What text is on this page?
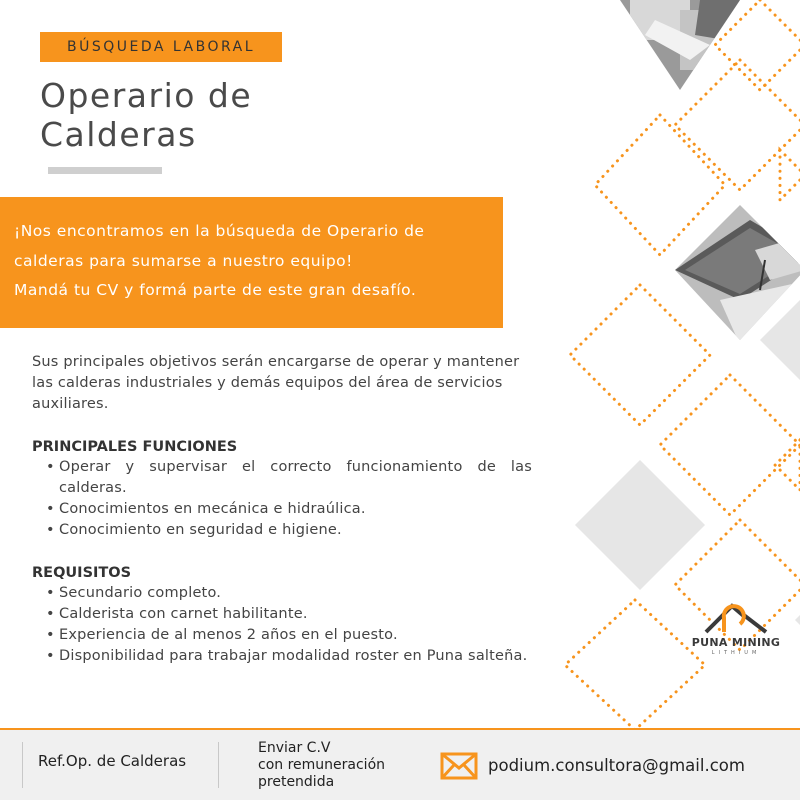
BÚSQUEDA LABORAL
Operario de
Calderas

¡Nos encontramos en la búsqueda de Operario de

calderas para sumarse a nuestro equipo!

Mandá tu CV y formá parte de este gran desafío.

Sus principales objetivos serán encargarse de operar y mantener las calderas industriales y demás equipos del área de servicios auxiliares.

PRINCIPALES FUNCIONES
• Operar y supervisar el correcto funcionamiento de las calderas.
• Conocimientos en mecánica e hidraúlica.
• Conocimiento en seguridad e higiene.
REQUISITOS
• Secundario completo.
• Calderista con carnet habilitante.
• Experiencia de al menos 2 años en el puesto.
• Disponibilidad para trabajar modalidad roster en Puna salteña.
PUNA MINING
LITHIUM
Ref.Op. de Calderas
Enviar C.V
con remuneración
pretendida
podium.consultora@gmail.com
